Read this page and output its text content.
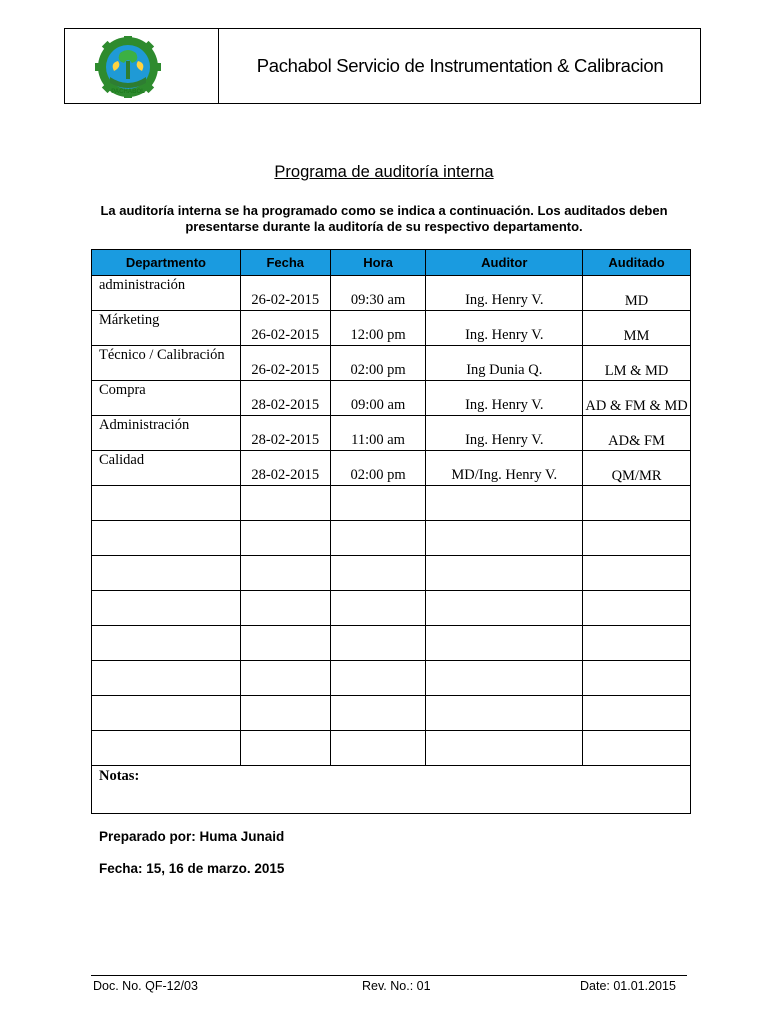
PACHABOL
Pachabol Servicio de Instrumentation & Calibracion
Programa de auditoría interna
La auditoría interna se ha programado como se indica a continuación. Los auditados deben presentarse durante la auditoría de su respectivo departamento.
Departmento	Fecha	Hora	Auditor	Auditado
administración	26-02-2015	09:30 am	Ing. Henry V.	MD
Márketing	26-02-2015	12:00 pm	Ing. Henry V.	MM
Técnico / Calibración	26-02-2015	02:00 pm	Ing Dunia Q.	LM & MD
Compra	28-02-2015	09:00 am	Ing. Henry V.	AD & FM & MD
Administración	28-02-2015	11:00 am	Ing. Henry V.	AD& FM
Calidad	28-02-2015	02:00 pm	MD/Ing. Henry V.	QM/MR

Notas:				
Preparado por: Huma Junaid
Fecha: 15, 16 de marzo. 2015
Doc. No. QF-12/03	Rev. No.: 01	Date: 01.01.2015
